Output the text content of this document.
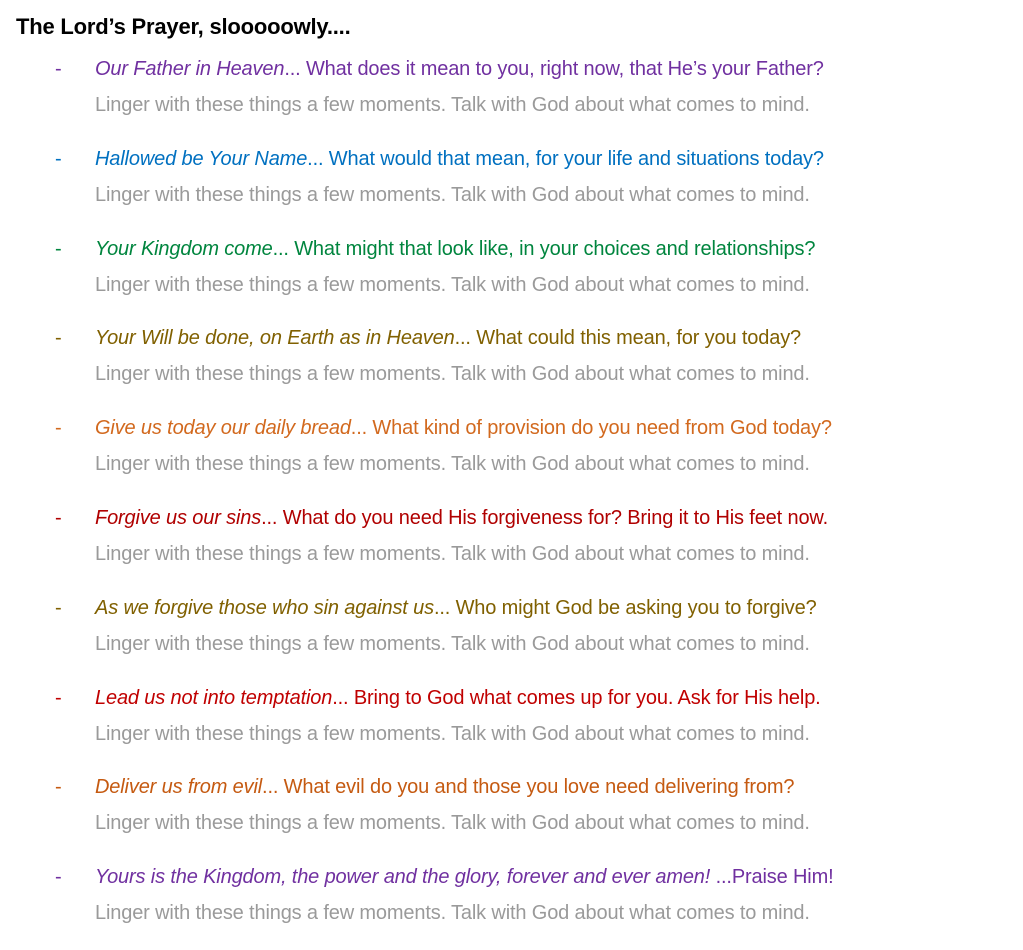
The Lord’s Prayer, slooooowly....
- Our Father in Heaven... What does it mean to you, right now, that He’s your Father?
Linger with these things a few moments. Talk with God about what comes to mind.
- Hallowed be Your Name... What would that mean, for your life and situations today?
Linger with these things a few moments. Talk with God about what comes to mind.
- Your Kingdom come... What might that look like, in your choices and relationships?
Linger with these things a few moments. Talk with God about what comes to mind.
- Your Will be done, on Earth as in Heaven... What could this mean, for you today?
Linger with these things a few moments. Talk with God about what comes to mind.
- Give us today our daily bread... What kind of provision do you need from God today?
Linger with these things a few moments. Talk with God about what comes to mind.
- Forgive us our sins... What do you need His forgiveness for? Bring it to His feet now.
Linger with these things a few moments. Talk with God about what comes to mind.
- As we forgive those who sin against us... Who might God be asking you to forgive?
Linger with these things a few moments. Talk with God about what comes to mind.
- Lead us not into temptation... Bring to God what comes up for you. Ask for His help.
Linger with these things a few moments. Talk with God about what comes to mind.
- Deliver us from evil... What evil do you and those you love need delivering from?
Linger with these things a few moments. Talk with God about what comes to mind.
- Yours is the Kingdom, the power and the glory, forever and ever amen! ...Praise Him!
Linger with these things a few moments. Talk with God about what comes to mind.
